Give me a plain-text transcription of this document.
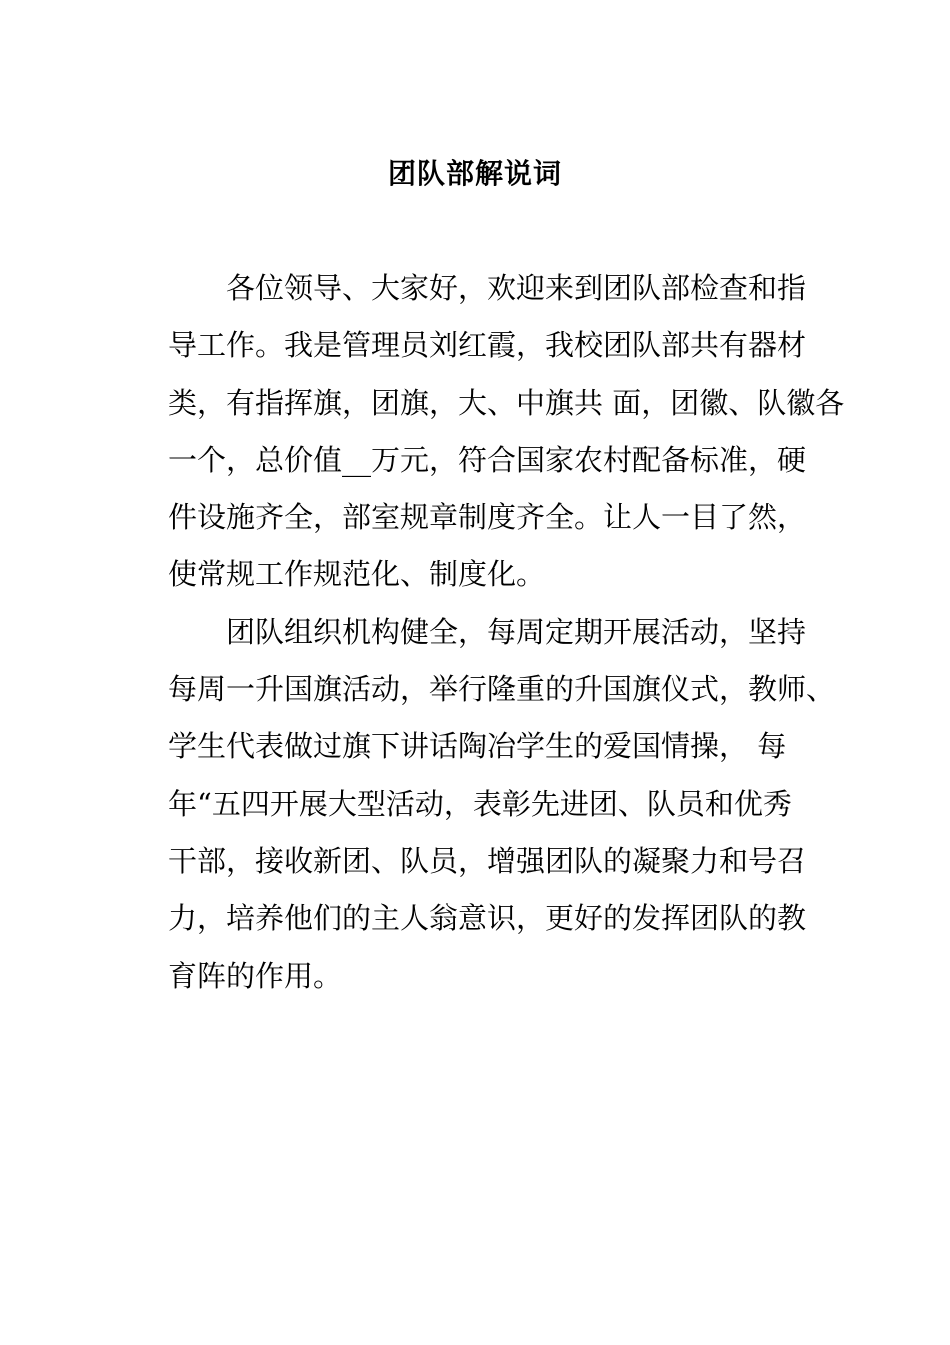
团队部解说词
各位领导、大家好，欢迎来到团队部检查和指
导工作。我是管理员刘红霞，我校团队部共有器材
类，有指挥旗，团旗，大、中旗共 面，团徽、队徽各
一个，总价值__万元，符合国家农村配备标准，硬
件设施齐全，部室规章制度齐全。让人一目了然，
使常规工作规范化、制度化。
团队组织机构健全，每周定期开展活动，坚持
每周一升国旗活动，举行隆重的升国旗仪式，教师、
学生代表做过旗下讲话陶冶学生的爱国情操， 每
年“五四开展大型活动，表彰先进团、队员和优秀
干部，接收新团、队员，增强团队的凝聚力和号召
力，培养他们的主人翁意识，更好的发挥团队的教
育阵的作用。
